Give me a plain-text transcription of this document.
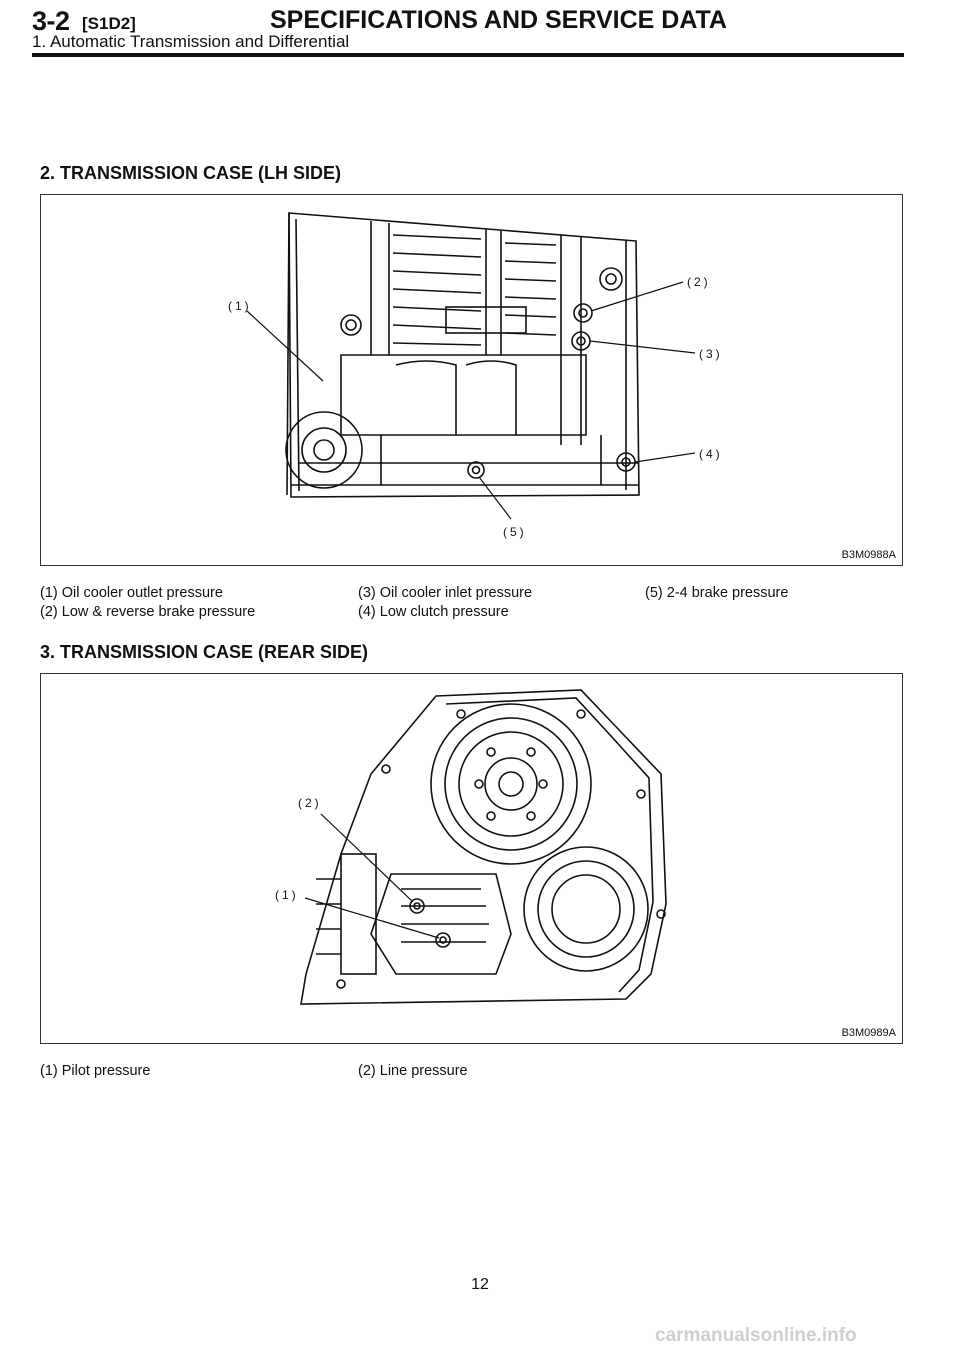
3-2 [S1D2]	SPECIFICATIONS AND SERVICE DATA
1. Automatic Transmission and Differential
2. TRANSMISSION CASE (LH SIDE)
(1)
(2)
(3)
(4)
(5)
B3M0988A
(1) Oil cooler outlet pressure
(2) Low & reverse brake pressure
(3) Oil cooler inlet pressure
(4) Low clutch pressure
(5) 2-4 brake pressure
3. TRANSMISSION CASE (REAR SIDE)
(2)
(1)
B3M0989A
(1) Pilot pressure	(2) Line pressure
12
carmanualsonline.info
